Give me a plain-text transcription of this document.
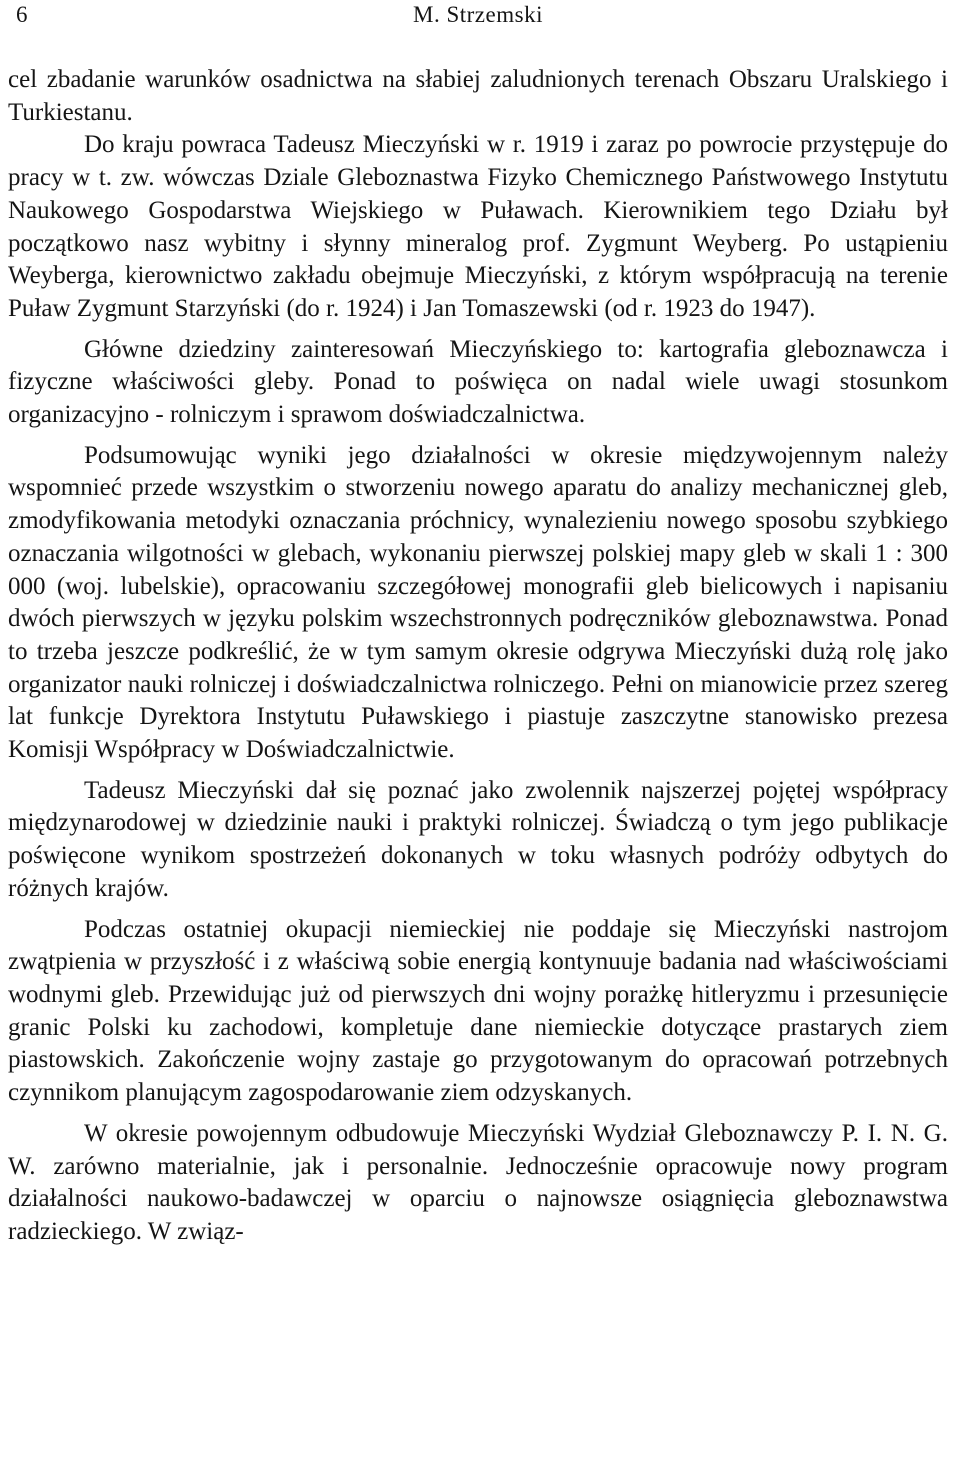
6	M. Strzemski

cel zbadanie warunków osadnictwa na słabiej zaludnionych terenach Obszaru Uralskiego i Turkiestanu.

Do kraju powraca Tadeusz Mieczyński w r. 1919 i zaraz po powrocie przystępuje do pracy w t. zw. wówczas Dziale Gleboznastwa Fizyko Chemicznego Państwowego Instytutu Naukowego Gospodarstwa Wiejskiego w Puławach. Kierownikiem tego Działu był początkowo nasz wybitny i słynny mineralog prof. Zygmunt Weyberg. Po ustąpieniu Weyberga, kierownictwo zakładu obejmuje Mieczyński, z którym współpracują na terenie Puław Zygmunt Starzyński (do r. 1924) i Jan Tomaszewski (od r. 1923 do 1947).

Główne dziedziny zainteresowań Mieczyńskiego to: kartografia gleboznawcza i fizyczne właściwości gleby. Ponad to poświęca on nadal wiele uwagi stosunkom organizacyjno - rolniczym i sprawom doświadczalnictwa.

Podsumowując wyniki jego działalności w okresie międzywojennym należy wspomnieć przede wszystkim o stworzeniu nowego aparatu do analizy mechanicznej gleb, zmodyfikowania metodyki oznaczania próchnicy, wynalezieniu nowego sposobu szybkiego oznaczania wilgotności w glebach, wykonaniu pierwszej polskiej mapy gleb w skali 1 : 300 000 (woj. lubelskie), opracowaniu szczegółowej monografii gleb bielicowych i napisaniu dwóch pierwszych w języku polskim wszechstronnych podręczników gleboznawstwa. Ponad to trzeba jeszcze podkreślić, że w tym samym okresie odgrywa Mieczyński dużą rolę jako organizator nauki rolniczej i doświadczalnictwa rolniczego. Pełni on mianowicie przez szereg lat funkcje Dyrektora Instytutu Puławskiego i piastuje zaszczytne stanowisko prezesa Komisji Współpracy w Doświadczalnictwie.

Tadeusz Mieczyński dał się poznać jako zwolennik najszerzej pojętej współpracy międzynarodowej w dziedzinie nauki i praktyki rolniczej. Świadczą o tym jego publikacje poświęcone wynikom spostrzeżeń dokonanych w toku własnych podróży odbytych do różnych krajów.

Podczas ostatniej okupacji niemieckiej nie poddaje się Mieczyński nastrojom zwątpienia w przyszłość i z właściwą sobie energią kontynuuje badania nad właściwościami wodnymi gleb. Przewidując już od pierwszych dni wojny porażkę hitleryzmu i przesunięcie granic Polski ku zachodowi, kompletuje dane niemieckie dotyczące prastarych ziem piastowskich. Zakończenie wojny zastaje go przygotowanym do opracowań potrzebnych czynnikom planującym zagospodarowanie ziem odzyskanych.

W okresie powojennym odbudowuje Mieczyński Wydział Gleboznawczy P. I. N. G. W. zarówno materialnie, jak i personalnie. Jednocześnie opracowuje nowy program działalności naukowo-badawczej w oparciu o najnowsze osiągnięcia gleboznawstwa radzieckiego. W związ-
